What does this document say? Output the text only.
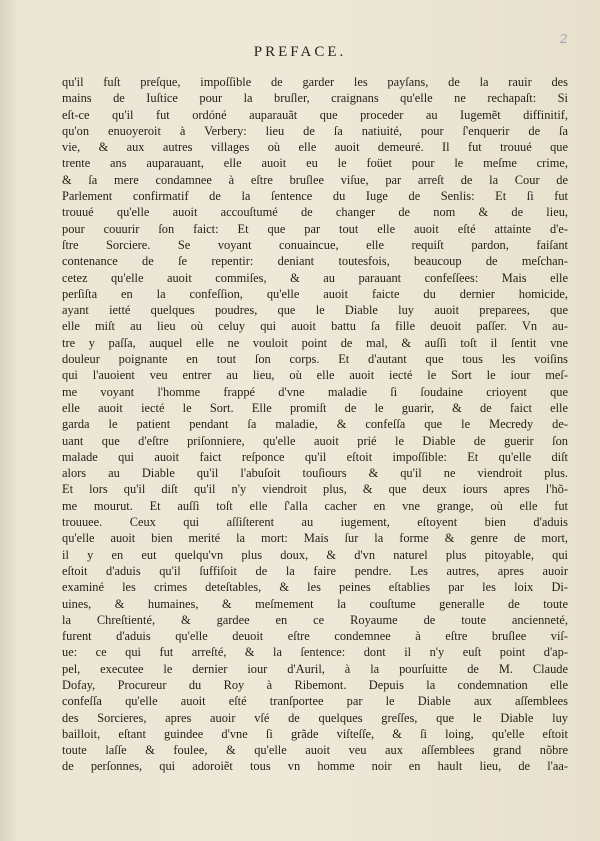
2
PREFACE.
qu'il fuſt preſque, impoſſible de garder les payſans, de la rauir des
mains de Iuſtice pour la bruſler, craignans qu'elle ne rechapaſt: Si
eſt-ce qu'il fut ordóné auparauãt que proceder au Iugemẽt diffinitif,
qu'on enuoyeroit à Verbery: lieu de ſa natiuité, pour ſ'enquerir de ſa
vie, & aux autres villages où elle auoit demeuré. Il fut trouué que
trente ans auparauant, elle auoit eu le foüet pour le meſme crime,
& ſa mere condamnee à eſtre bruſlee viſue, par arreſt de la Cour de
Parlement confirmatif de la ſentence du Iuge de Senlis: Et ſi fut
trouué qu'elle auoit accouſtumé de changer de nom & de lieu,
pour couurir ſon faict: Et que par tout elle auoit eſté attainte d'e-
ſtre Sorciere. Se voyant conuaincue, elle requiſt pardon, faiſant
contenance de ſe repentir: deniant toutesfois, beaucoup de meſchan-
cetez qu'elle auoit commiſes, & au parauant confeſſees: Mais elle
perſiſta en la confeſſion, qu'elle auoit faicte du dernier homicide,
ayant ietté quelques poudres, que le Diable luy auoit preparees, que
elle miſt au lieu où celuy qui auoit battu ſa fille deuoit paſſer. Vn au-
tre y paſſa, auquel elle ne vouloit point de mal, & auſſi toſt il ſentit vne
douleur poignante en tout ſon corps. Et d'autant que tous les voiſins
qui l'auoient veu entrer au lieu, où elle auoit iecté le Sort le iour meſ-
me voyant l'homme frappé d'vne maladie ſi ſoudaine crioyent que
elle auoit iecté le Sort. Elle promiſt de le guarir, & de faict elle
garda le patient pendant ſa maladie, & confeſſa que le Mecredy de-
uant que d'eſtre priſonniere, qu'elle auoit prié le Diable de guerir ſon
malade qui auoit faict reſponce qu'il eſtoit impoſſible: Et qu'elle diſt
alors au Diable qu'il l'abuſoit touſiours & qu'il ne viendroit plus.
Et lors qu'il diſt qu'il n'y viendroit plus, & que deux iours apres l'hõ-
me mourut. Et auſſi toſt elle ſ'alla cacher en vne grange, où elle fut
trouuee. Ceux qui aſſiſterent au iugement, eſtoyent bien d'aduis
qu'elle auoit bien merité la mort: Mais ſur la forme & genre de mort,
il y en eut quelqu'vn plus doux, & d'vn naturel plus pitoyable, qui
eſtoit d'aduis qu'il ſuffiſoit de la faire pendre. Les autres, apres auoir
examiné les crimes deteſtables, & les peines eſtablies par les loix Di-
uines, & humaines, & meſmement la couſtume generalle de toute
la Chreſtienté, & gardee en ce Royaume de toute ancienneté,
furent d'aduis qu'elle deuoit eſtre condemnee à eſtre bruſlee viſ-
ue: ce qui fut arreſté, & la ſentence: dont il n'y euſt point d'ap-
pel, executee le dernier iour d'Auril, à la pourſuitte de M. Claude
Dofay, Procureur du Roy à Ribemont. Depuis la condemnation elle
confeſſa qu'elle auoit eſté tranſportee par le Diable aux aſſemblees
des Sorcieres, apres auoir vſé de quelques greſſes, que le Diable luy
bailloit, eſtant guindee d'vne ſi grãde viſteſſe, & ſi loing, qu'elle eſtoit
toute laſſe & foulee, & qu'elle auoit veu aux aſſemblees grand nõbre
de perſonnes, qui adoroiẽt tous vn homme noir en hault lieu, de l'aa-
